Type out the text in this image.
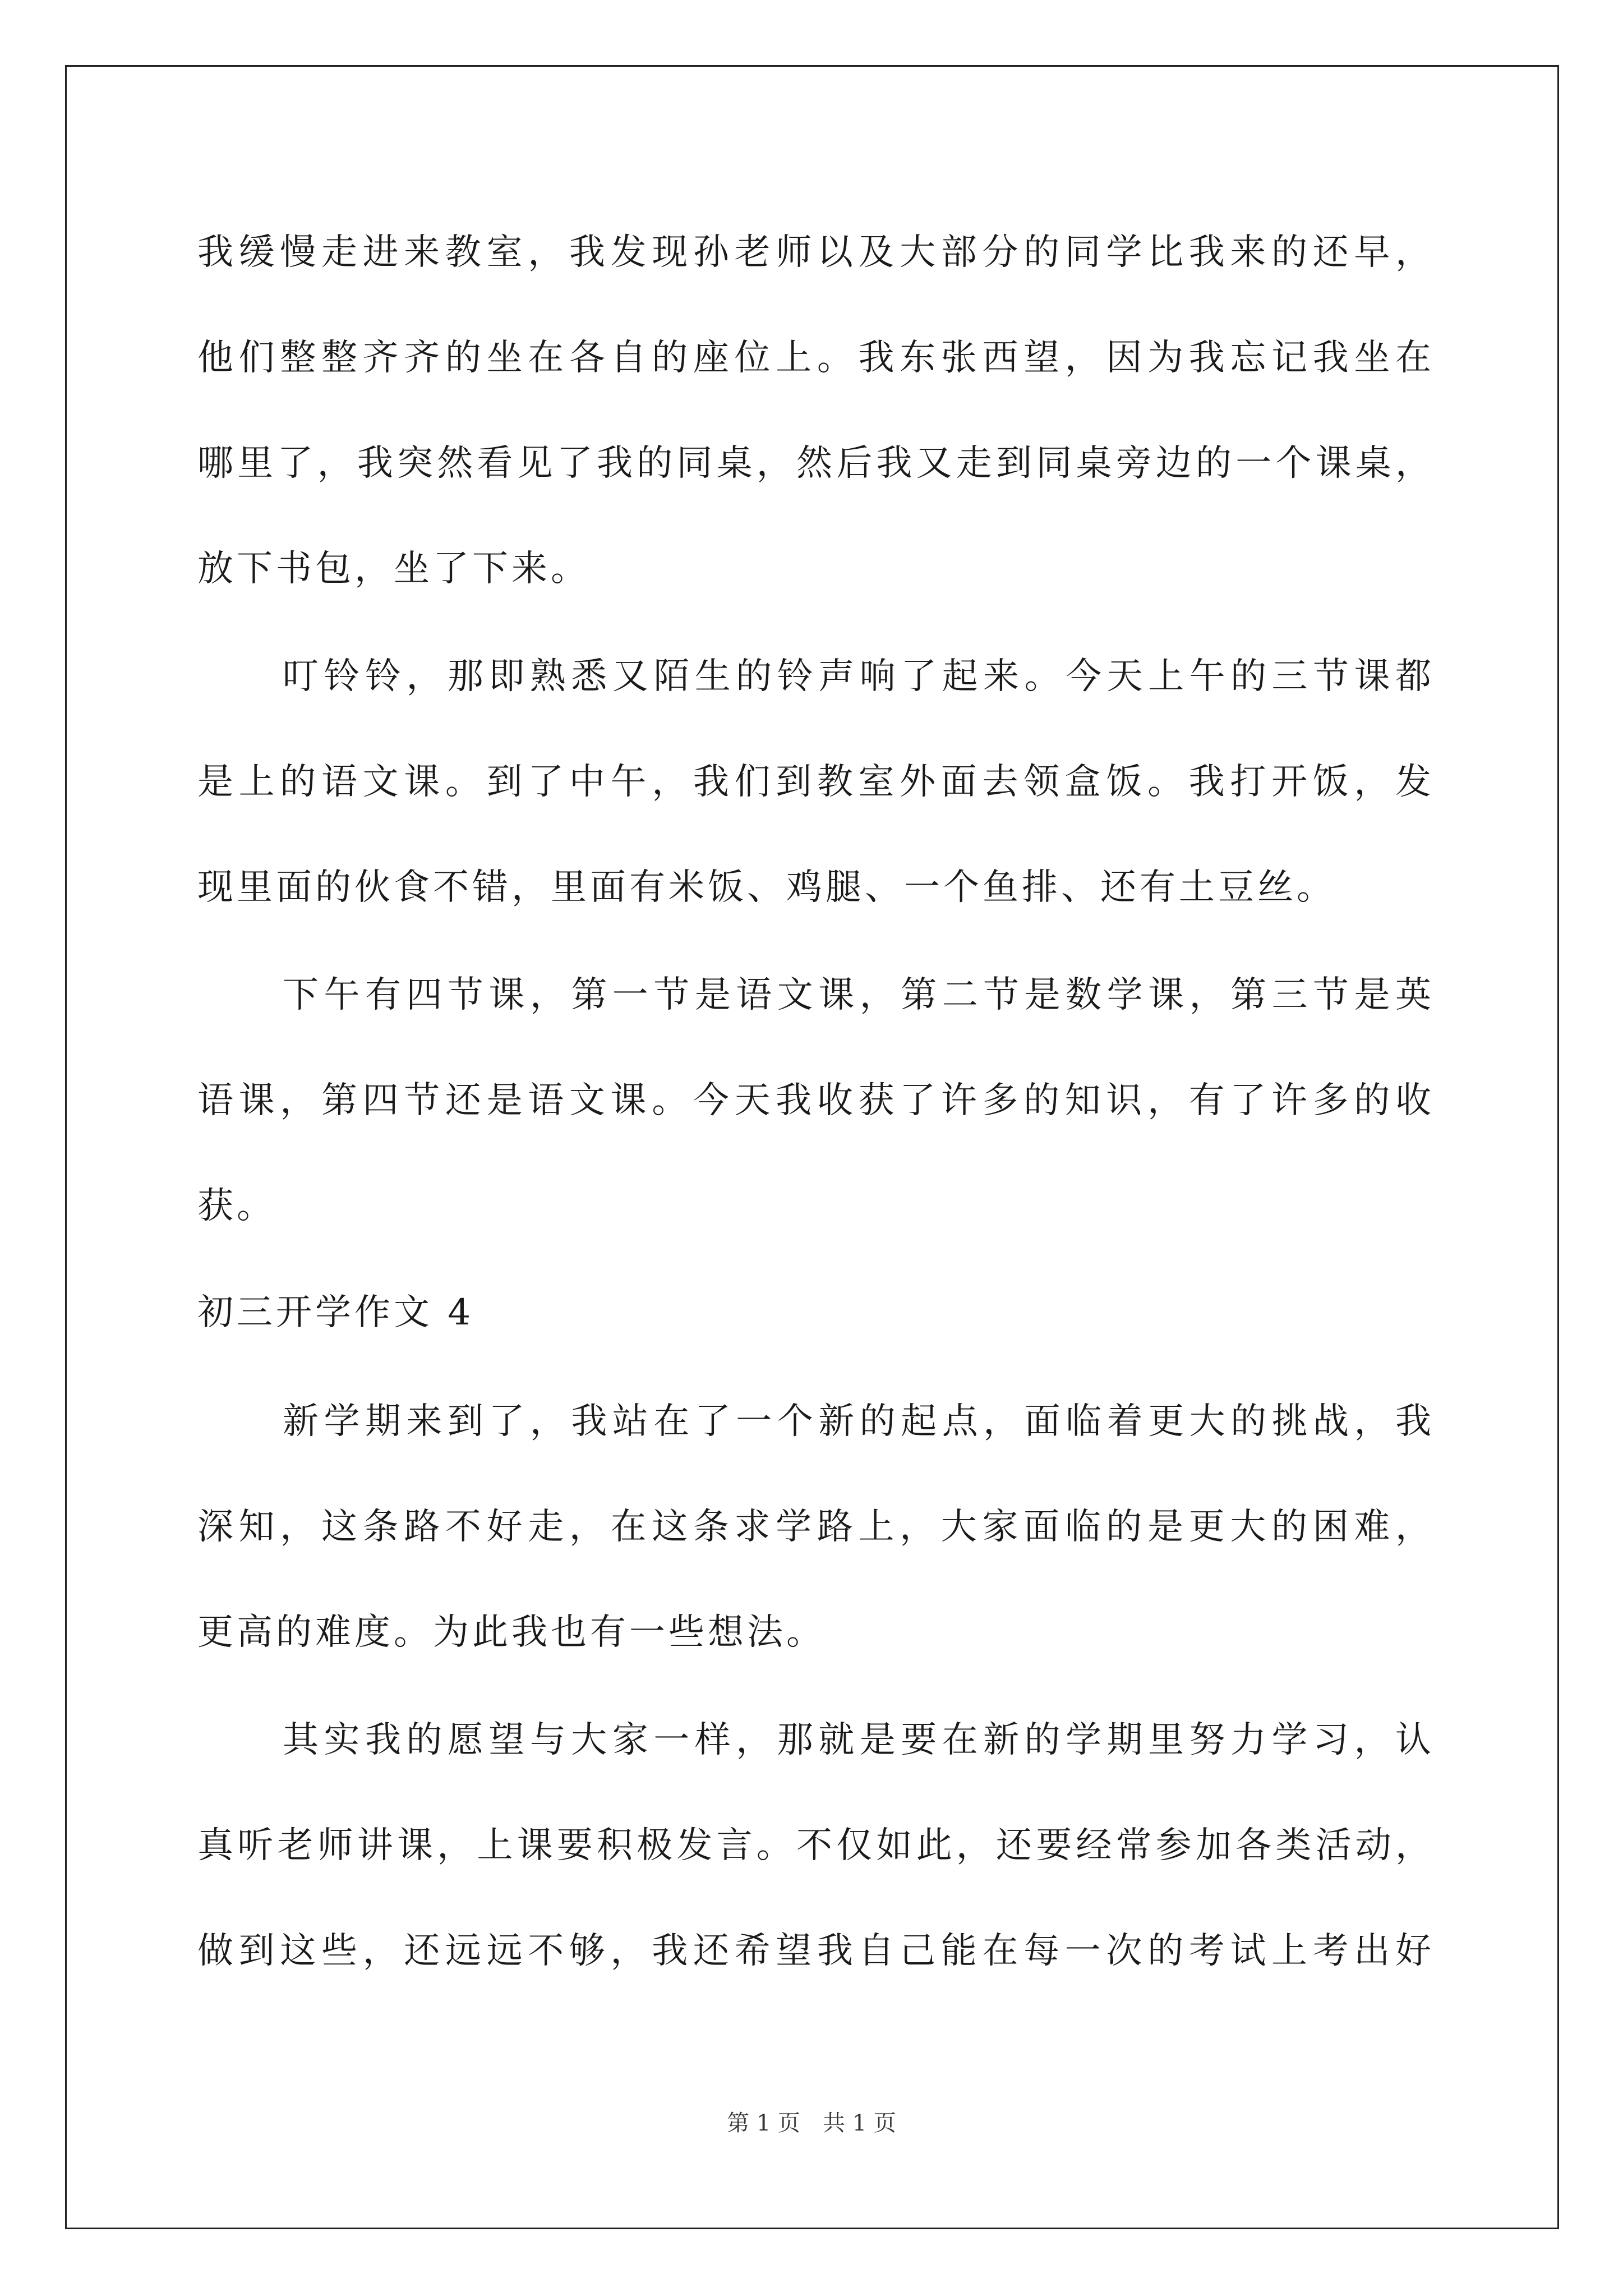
我缓慢走进来教室，我发现孙老师以及大部分的同学比我来的还早，
他们整整齐齐的坐在各自的座位上。我东张西望，因为我忘记我坐在
哪里了，我突然看见了我的同桌，然后我又走到同桌旁边的一个课桌，
放下书包，坐了下来。
叮铃铃，那即熟悉又陌生的铃声响了起来。今天上午的三节课都
是上的语文课。到了中午，我们到教室外面去领盒饭。我打开饭，发
现里面的伙食不错，里面有米饭、鸡腿、一个鱼排、还有土豆丝。
下午有四节课，第一节是语文课，第二节是数学课，第三节是英
语课，第四节还是语文课。今天我收获了许多的知识，有了许多的收
获。
初三开学作文 4
新学期来到了，我站在了一个新的起点，面临着更大的挑战，我
深知，这条路不好走，在这条求学路上，大家面临的是更大的困难，
更高的难度。为此我也有一些想法。
其实我的愿望与大家一样，那就是要在新的学期里努力学习，认
真听老师讲课，上课要积极发言。不仅如此，还要经常参加各类活动，
做到这些，还远远不够，我还希望我自己能在每一次的考试上考出好
第 1 页　共 1 页
